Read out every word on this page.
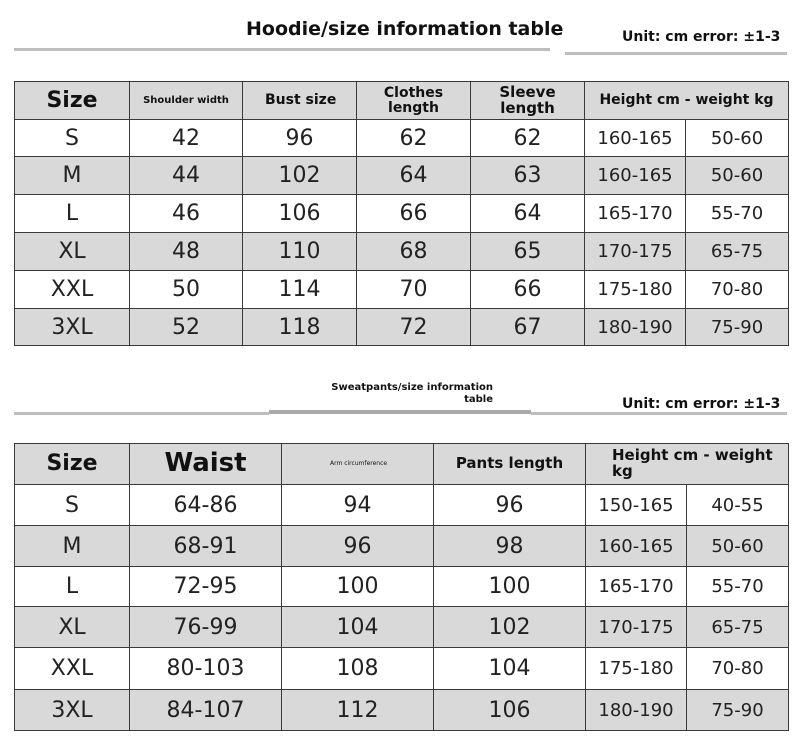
Hoodie/size information table	Unit: cm error: ±1-3
Size	Shoulder width	Bust size	Clothes length	Sleeve length	Height cm - weight kg	
S	42	96	62	62	160-165	50-60
M	44	102	64	63	160-165	50-60
L	46	106	66	64	165-170	55-70
XL	48	110	68	65	170-175	65-75
XXL	50	114	70	66	175-180	70-80
3XL	52	118	72	67	180-190	75-90
Sweatpants/size information table	Unit: cm error: ±1-3
Size	Waist	Arm circumference	Pants length	Height cm - weight kg	
S	64-86	94	96	150-165	40-55
M	68-91	96	98	160-165	50-60
L	72-95	100	100	165-170	55-70
XL	76-99	104	102	170-175	65-75
XXL	80-103	108	104	175-180	70-80
3XL	84-107	112	106	180-190	75-90
